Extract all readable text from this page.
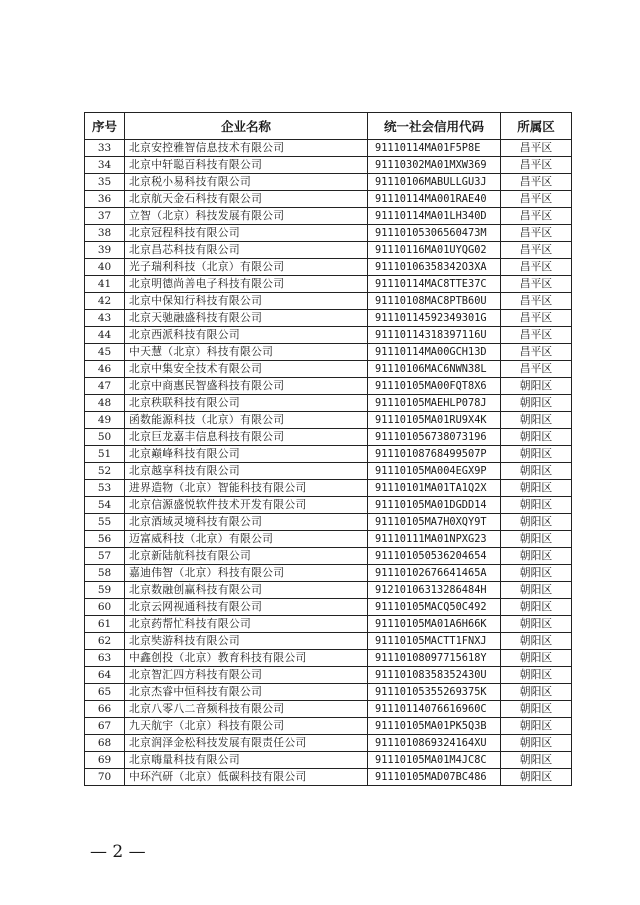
序号	企业名称	统一社会信用代码	所属区
33	北京安控雅智信息技术有限公司	91110114MA01F5P8E	昌平区
34	北京中轩聪百科技有限公司	91110302MA01MXW369	昌平区
35	北京税小易科技有限公司	91110106MABULLGU3J	昌平区
36	北京航天金石科技有限公司	91110114MA001RAE40	昌平区
37	立智（北京）科技发展有限公司	91110114MA01LH340D	昌平区
38	北京冠程科技有限公司	91110105306560473M	昌平区
39	北京昌芯科技有限公司	91110116MA01UYQG02	昌平区
40	光子瑞利科技（北京）有限公司	91110106358342O3XA	昌平区
41	北京明德尚善电子科技有限公司	91110114MAC8TTE37C	昌平区
42	北京中保知行科技有限公司	91110108MAC8PTB60U	昌平区
43	北京天驰融盛科技有限公司	91110114592349301G	昌平区
44	北京西派科技有限公司	91110114318397116U	昌平区
45	中天慧（北京）科技有限公司	91110114MA00GCH13D	昌平区
46	北京中集安全技术有限公司	91110106MAC6NWN38L	昌平区
47	北京中商惠民智盛科技有限公司	91110105MA00FQT8X6	朝阳区
48	北京秩联科技有限公司	91110105MAEHLP078J	朝阳区
49	函数能源科技（北京）有限公司	91110105MA01RU9X4K	朝阳区
50	北京巨龙嘉丰信息科技有限公司	91110105673807319​6	朝阳区
51	北京巅峰科技有限公司	91110108768499507P	朝阳区
52	北京越享科技有限公司	91110105MA004EGX9P	朝阳区
53	进界造物（北京）智能科技有限公司	91110101MA01TA1Q2X	朝阳区
54	北京信源盛悦软件技术开发有限公司	91110105MA01DGDD14	朝阳区
55	北京酒域灵境科技有限公司	91110105MA7H0XQY9T	朝阳区
56	迈富威科技（北京）有限公司	91110111MA01NPXG23	朝阳区
57	北京新陆航科技有限公司	91110105053620465​4	朝阳区
58	嘉迪伟智（北京）科技有限公司	91110102676641465A	朝阳区
59	北京数融创赢科技有限公司	91210106313286484H	朝阳区
60	北京云网视通科技有限公司	91110105MACQ50C492	朝阳区
61	北京药帮忙科技有限公司	91110105MA01A6H66K	朝阳区
62	北京奘游科技有限公司	91110105MACTT1FNXJ	朝阳区
63	中鑫创投（北京）教育科技有限公司	91110108097715618Y	朝阳区
64	北京智汇四方科技有限公司	91110108358352430U	朝阳区
65	北京杰睿中恒科技有限公司	91110105355269375K	朝阳区
66	北京八零八二音频科技有限公司	91110114076616960C	朝阳区
67	九天航宇（北京）科技有限公司	91110105MA01PK5Q3B	朝阳区
68	北京润泽金松科技发展有限责任公司	91110108693241​64XU	朝阳区
69	北京嗨量科技有限公司	91110105MA01M4JC8C	朝阳区
70	中环汽研（北京）低碳科技有限公司	91110105MAD07BC486	朝阳区
— 2 —
